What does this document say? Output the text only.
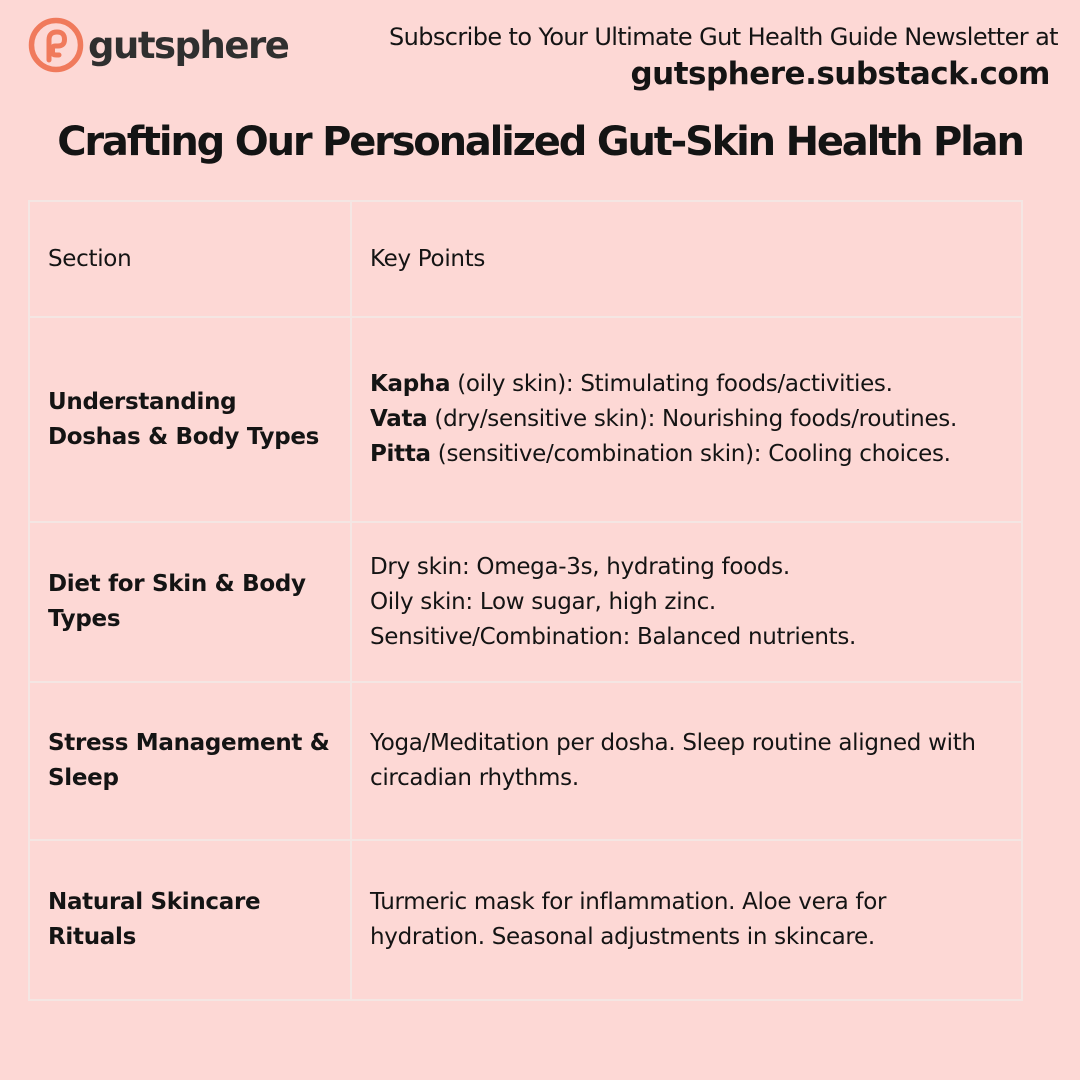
gutsphere	Subscribe to Your Ultimate Gut Health Guide Newsletter at
gutsphere.substack.com
Crafting Our Personalized Gut-Skin Health Plan
Section	Key Points
Understanding Doshas & Body Types	Kapha (oily skin): Stimulating foods/activities.
Vata (dry/sensitive skin): Nourishing foods/routines.
Pitta (sensitive/combination skin): Cooling choices.

Diet for Skin & Body Types	Dry skin: Omega-3s, hydrating foods.
Oily skin: Low sugar, high zinc.
Sensitive/Combination: Balanced nutrients.

Stress Management & Sleep	Yoga/Meditation per dosha. Sleep routine aligned with circadian rhythms.

Natural Skincare Rituals	Turmeric mask for inflammation. Aloe vera for hydration. Seasonal adjustments in skincare.
